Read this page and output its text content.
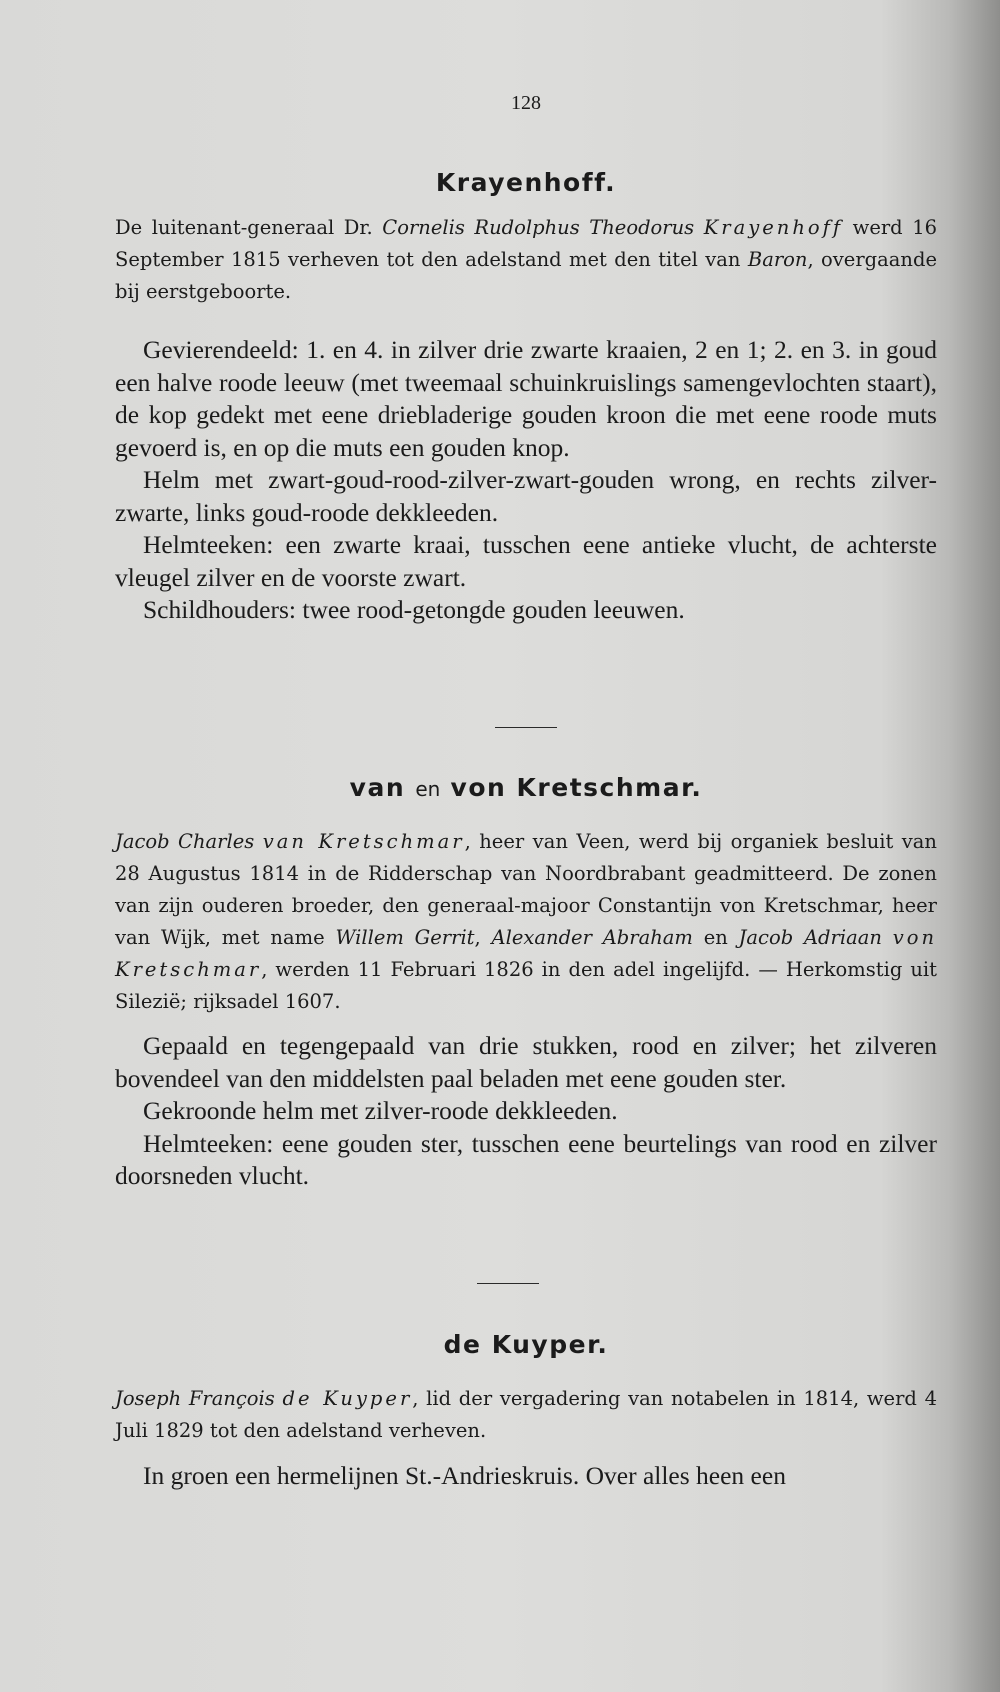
128
Krayenhoff.

De luitenant-generaal Dr. Cornelis Rudolphus Theodorus Krayenhoff werd 16 September 1815 verheven tot den adelstand met den titel van Baron, overgaande bij eerstgeboorte.

Gevierendeeld: 1. en 4. in zilver drie zwarte kraaien, 2 en 1; 2. en 3. in goud een halve roode leeuw (met tweemaal schuinkruislings samengevlochten staart), de kop gedekt met eene driebladerige gouden kroon die met eene roode muts gevoerd is, en op die muts een gouden knop.

Helm met zwart-goud-rood-zilver-zwart-gouden wrong, en rechts zilver-zwarte, links goud-roode dekkleeden.

Helmteeken: een zwarte kraai, tusschen eene antieke vlucht, de achterste vleugel zilver en de voorste zwart.

Schildhouders: twee rood-getongde gouden leeuwen.

van en von Kretschmar.

Jacob Charles van Kretschmar, heer van Veen, werd bij organiek besluit van 28 Augustus 1814 in de Ridderschap van Noordbrabant geadmitteerd. De zonen van zijn ouderen broeder, den generaal-majoor Constantijn von Kretschmar, heer van Wijk, met name Willem Gerrit, Alexander Abraham en Jacob Adriaan von Kretschmar, werden 11 Februari 1826 in den adel ingelijfd. — Herkomstig uit Silezië; rijksadel 1607.

Gepaald en tegengepaald van drie stukken, rood en zilver; het zilveren bovendeel van den middelsten paal beladen met eene gouden ster.

Gekroonde helm met zilver-roode dekkleeden.

Helmteeken: eene gouden ster, tusschen eene beurtelings van rood en zilver doorsneden vlucht.

de Kuyper.

Joseph François de Kuyper, lid der vergadering van notabelen in 1814, werd 4 Juli 1829 tot den adelstand verheven.

In groen een hermelijnen St.-Andrieskruis. Over alles heen een
